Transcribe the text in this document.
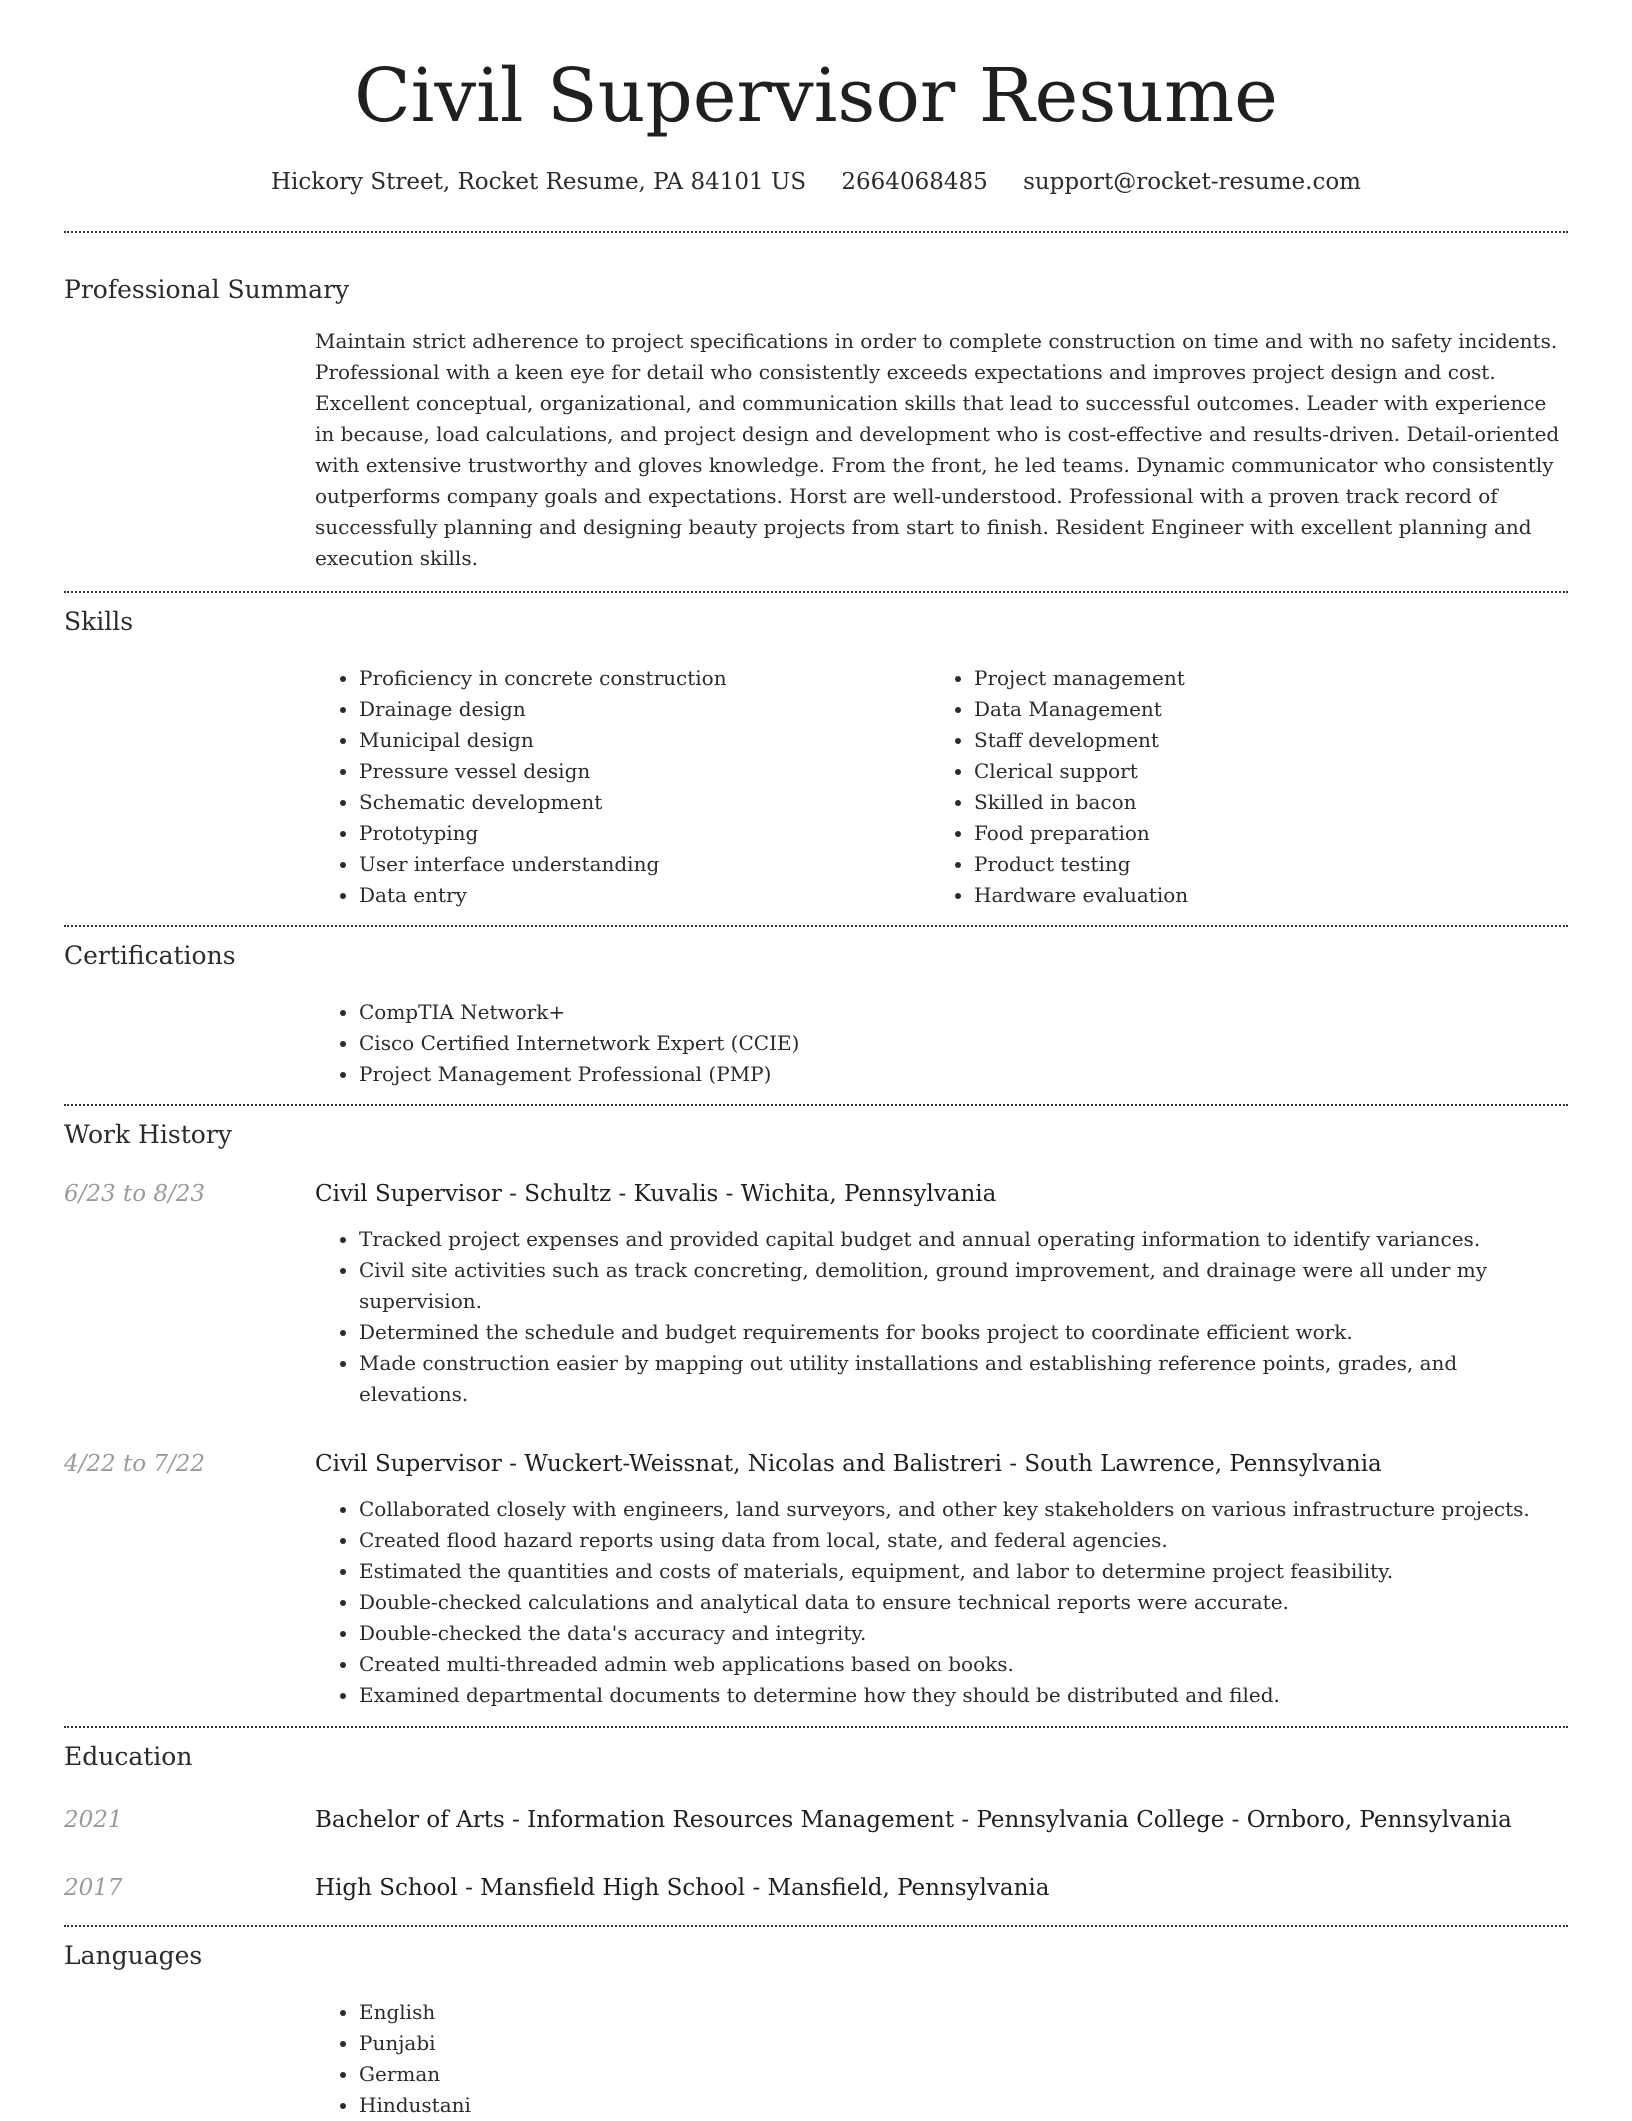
Civil Supervisor Resume
Hickory Street, Rocket Resume, PA 84101 US 2664068485 support@rocket-resume.com
Professional Summary
Maintain strict adherence to project specifications in order to complete construction on time and with no safety incidents. Professional with a keen eye for detail who consistently exceeds expectations and improves project design and cost. Excellent conceptual, organizational, and communication skills that lead to successful outcomes. Leader with experience in because, load calculations, and project design and development who is cost-effective and results-driven. Detail-oriented with extensive trustworthy and gloves knowledge. From the front, he led teams. Dynamic communicator who consistently outperforms company goals and expectations. Horst are well-understood. Professional with a proven track record of successfully planning and designing beauty projects from start to finish. Resident Engineer with excellent planning and execution skills.
Skills
• Proficiency in concrete construction
• Drainage design
• Municipal design
• Pressure vessel design
• Schematic development
• Prototyping
• User interface understanding
• Data entry
• Project management
• Data Management
• Staff development
• Clerical support
• Skilled in bacon
• Food preparation
• Product testing
• Hardware evaluation
Certifications
• CompTIA Network+
• Cisco Certified Internetwork Expert (CCIE)
• Project Management Professional (PMP)
Work History
6/23 to 8/23	Civil Supervisor - Schultz - Kuvalis - Wichita, Pennsylvania
• Tracked project expenses and provided capital budget and annual operating information to identify variances.
• Civil site activities such as track concreting, demolition, ground improvement, and drainage were all under my supervision.
• Determined the schedule and budget requirements for books project to coordinate efficient work.
• Made construction easier by mapping out utility installations and establishing reference points, grades, and elevations.
4/22 to 7/22	Civil Supervisor - Wuckert-Weissnat, Nicolas and Balistreri - South Lawrence, Pennsylvania
• Collaborated closely with engineers, land surveyors, and other key stakeholders on various infrastructure projects.
• Created flood hazard reports using data from local, state, and federal agencies.
• Estimated the quantities and costs of materials, equipment, and labor to determine project feasibility.
• Double-checked calculations and analytical data to ensure technical reports were accurate.
• Double-checked the data's accuracy and integrity.
• Created multi-threaded admin web applications based on books.
• Examined departmental documents to determine how they should be distributed and filed.
Education
2021	Bachelor of Arts - Information Resources Management - Pennsylvania College - Ornboro, Pennsylvania
2017	High School - Mansfield High School - Mansfield, Pennsylvania
Languages
• English
• Punjabi
• German
• Hindustani
